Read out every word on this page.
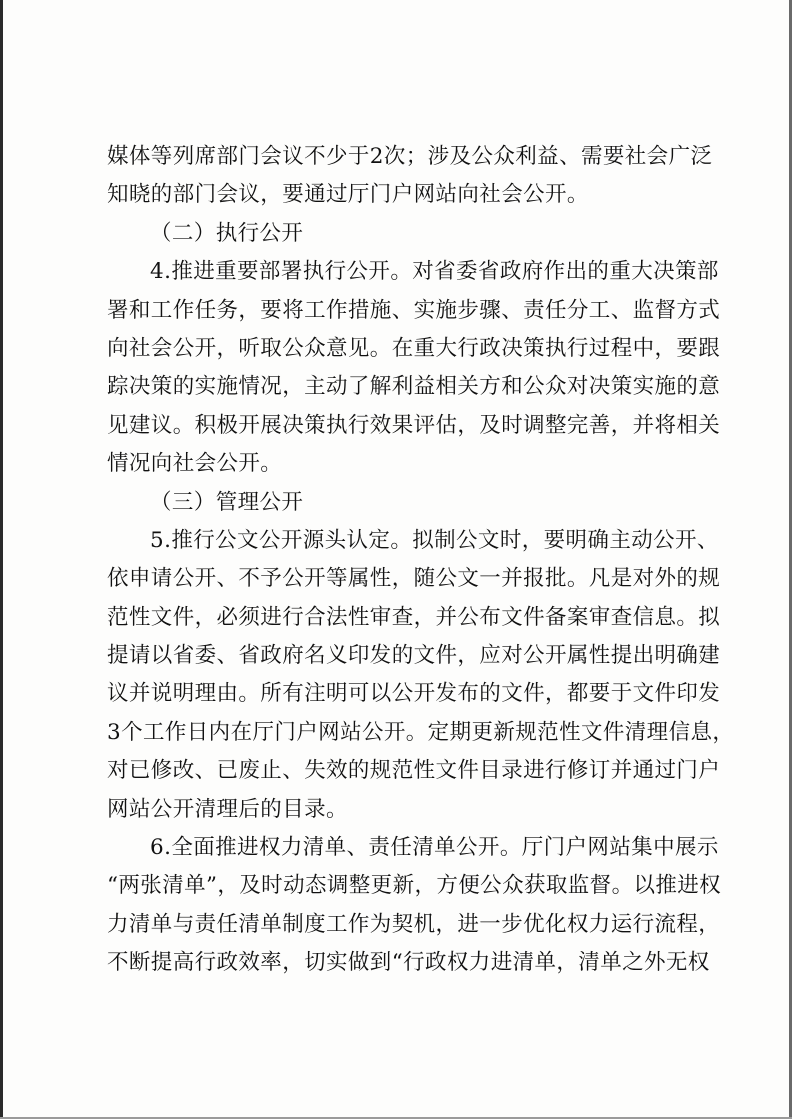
媒体等列席部门会议不少于2次；涉及公众利益、需要社会广泛
知晓的部门会议，要通过厅门户网站向社会公开。
（二）执行公开
4.推进重要部署执行公开。对省委省政府作出的重大决策部
署和工作任务，要将工作措施、实施步骤、责任分工、监督方式
向社会公开，听取公众意见。在重大行政决策执行过程中，要跟
踪决策的实施情况，主动了解利益相关方和公众对决策实施的意
见建议。积极开展决策执行效果评估，及时调整完善，并将相关
情况向社会公开。
（三）管理公开
5.推行公文公开源头认定。拟制公文时，要明确主动公开、
依申请公开、不予公开等属性，随公文一并报批。凡是对外的规
范性文件，必须进行合法性审查，并公布文件备案审查信息。拟
提请以省委、省政府名义印发的文件，应对公开属性提出明确建
议并说明理由。所有注明可以公开发布的文件，都要于文件印发
3个工作日内在厅门户网站公开。定期更新规范性文件清理信息，
对已修改、已废止、失效的规范性文件目录进行修订并通过门户
网站公开清理后的目录。
6.全面推进权力清单、责任清单公开。厅门户网站集中展示
“两张清单”，及时动态调整更新，方便公众获取监督。以推进权
力清单与责任清单制度工作为契机，进一步优化权力运行流程，
不断提高行政效率，切实做到“行政权力进清单，清单之外无权
